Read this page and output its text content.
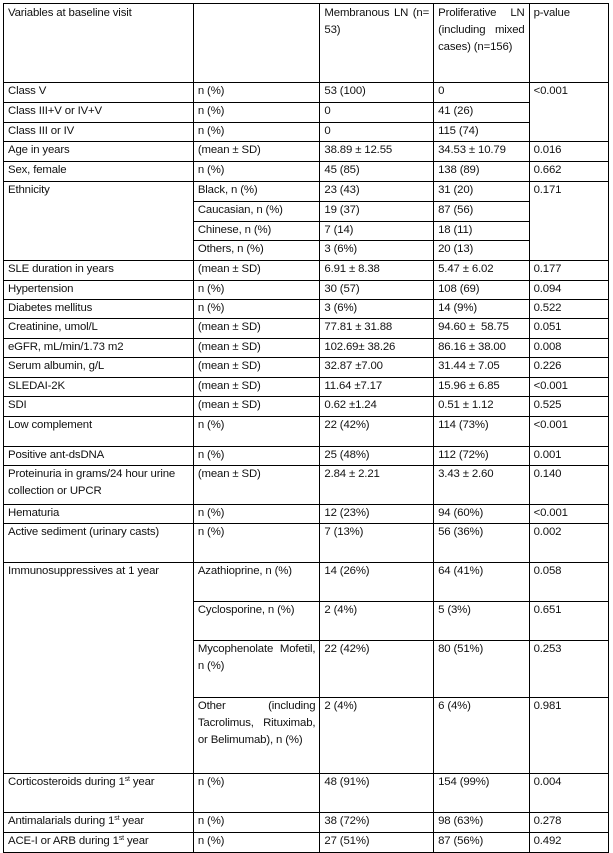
Variables at baseline visit		Membranous LN (n= 53)	Proliferative LN (including mixed cases) (n=156)	p-value
Class V	n (%)	53 (100)	0	<0.001
Class III+V or IV+V	n (%)	0	41 (26)	
Class III or IV	n (%)	0	115 (74)	
Age in years	(mean ± SD)	38.89 ± 12.55	34.53 ± 10.79	0.016
Sex, female	n (%)	45 (85)	138 (89)	0.662
Ethnicity	Black, n (%)	23 (43)	31 (20)	0.171
	Caucasian, n (%)	19 (37)	87 (56)	
	Chinese, n (%)	7 (14)	18 (11)	
	Others, n (%)	3 (6%)	20 (13)	
SLE duration in years	(mean ± SD)	6.91 ± 8.38	5.47 ± 6.02	0.177
Hypertension	n (%)	30 (57)	108 (69)	0.094
Diabetes mellitus	n (%)	3 (6%)	14 (9%)	0.522
Creatinine, umol/L	(mean ± SD)	77.81 ± 31.88	94.60 ±  58.75	0.051
eGFR, mL/min/1.73 m2	(mean ± SD)	102.69± 38.26	86.16 ± 38.00	0.008
Serum albumin, g/L	(mean ± SD)	32.87 ±7.00	31.44 ± 7.05	0.226
SLEDAI-2K	(mean ± SD)	11.64 ±7.17	15.96 ± 6.85	<0.001
SDI	(mean ± SD)	0.62 ±1.24	0.51 ± 1.12	0.525
Low complement	n (%)	22 (42%)	114 (73%)	<0.001
Positive ant-dsDNA	n (%)	25 (48%)	112 (72%)	0.001
Proteinuria in grams/24 hour urine collection or UPCR	(mean ± SD)	2.84 ± 2.21	3.43 ± 2.60	0.140
Hematuria	n (%)	12 (23%)	94 (60%)	<0.001
Active sediment (urinary casts)	n (%)	7 (13%)	56 (36%)	0.002
Immunosuppressives at 1 year	Azathioprine, n (%)	14 (26%)	64 (41%)	0.058
	Cyclosporine, n (%)	2 (4%)	5 (3%)	0.651
	Mycophenolate Mofetil, n (%)	22 (42%)	80 (51%)	0.253
	Other (including Tacrolimus, Rituximab, or Belimumab), n (%)	2 (4%)	6 (4%)	0.981
Corticosteroids during 1st year	n (%)	48 (91%)	154 (99%)	0.004
Antimalarials during 1st year	n (%)	38 (72%)	98 (63%)	0.278
ACE-I or ARB during 1st year	n (%)	27 (51%)	87 (56%)	0.492
